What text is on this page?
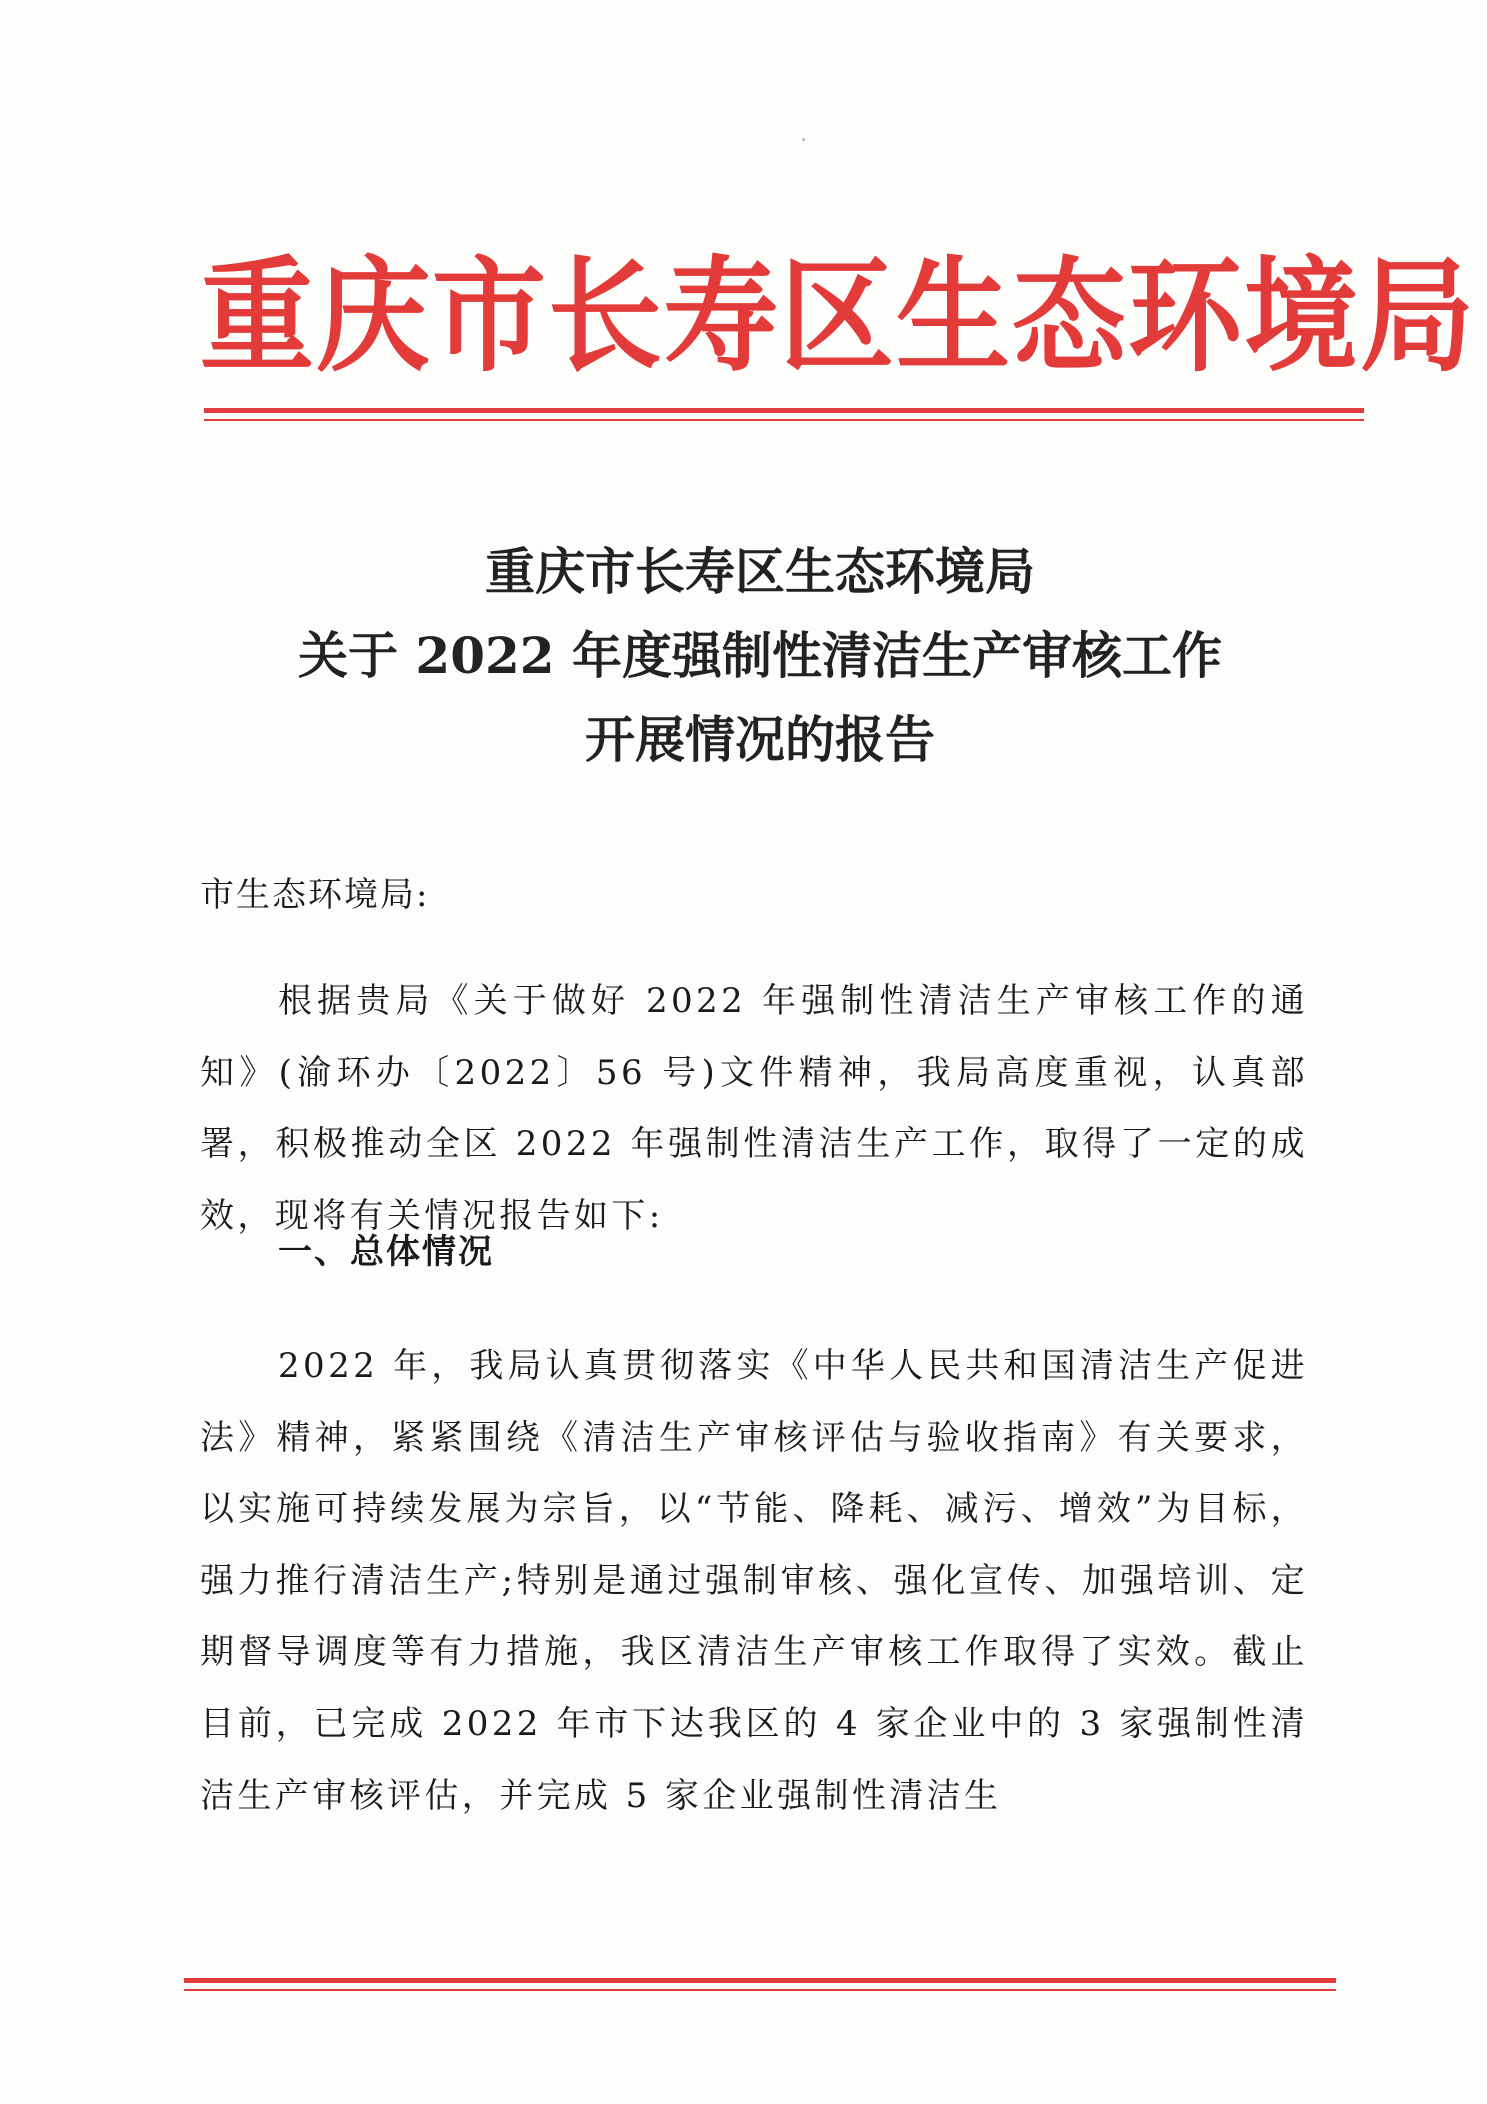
重庆市长寿区生态环境局
重庆市长寿区生态环境局
关于 2022 年度强制性清洁生产审核工作
开展情况的报告
市生态环境局:

根据贵局《关于做好 2022 年强制性清洁生产审核工作的通知》(渝环办〔2022〕56 号)文件精神，我局高度重视，认真部署，积极推动全区 2022 年强制性清洁生产工作，取得了一定的成效，现将有关情况报告如下:

一、总体情况

2022 年，我局认真贯彻落实《中华人民共和国清洁生产促进法》精神，紧紧围绕《清洁生产审核评估与验收指南》有关要求，以实施可持续发展为宗旨，以“节能、降耗、减污、增效”为目标，强力推行清洁生产;特别是通过强制审核、强化宣传、加强培训、定期督导调度等有力措施，我区清洁生产审核工作取得了实效。截止目前，已完成 2022 年市下达我区的 4 家企业中的 3 家强制性清洁生产审核评估，并完成 5 家企业强制性清洁生
